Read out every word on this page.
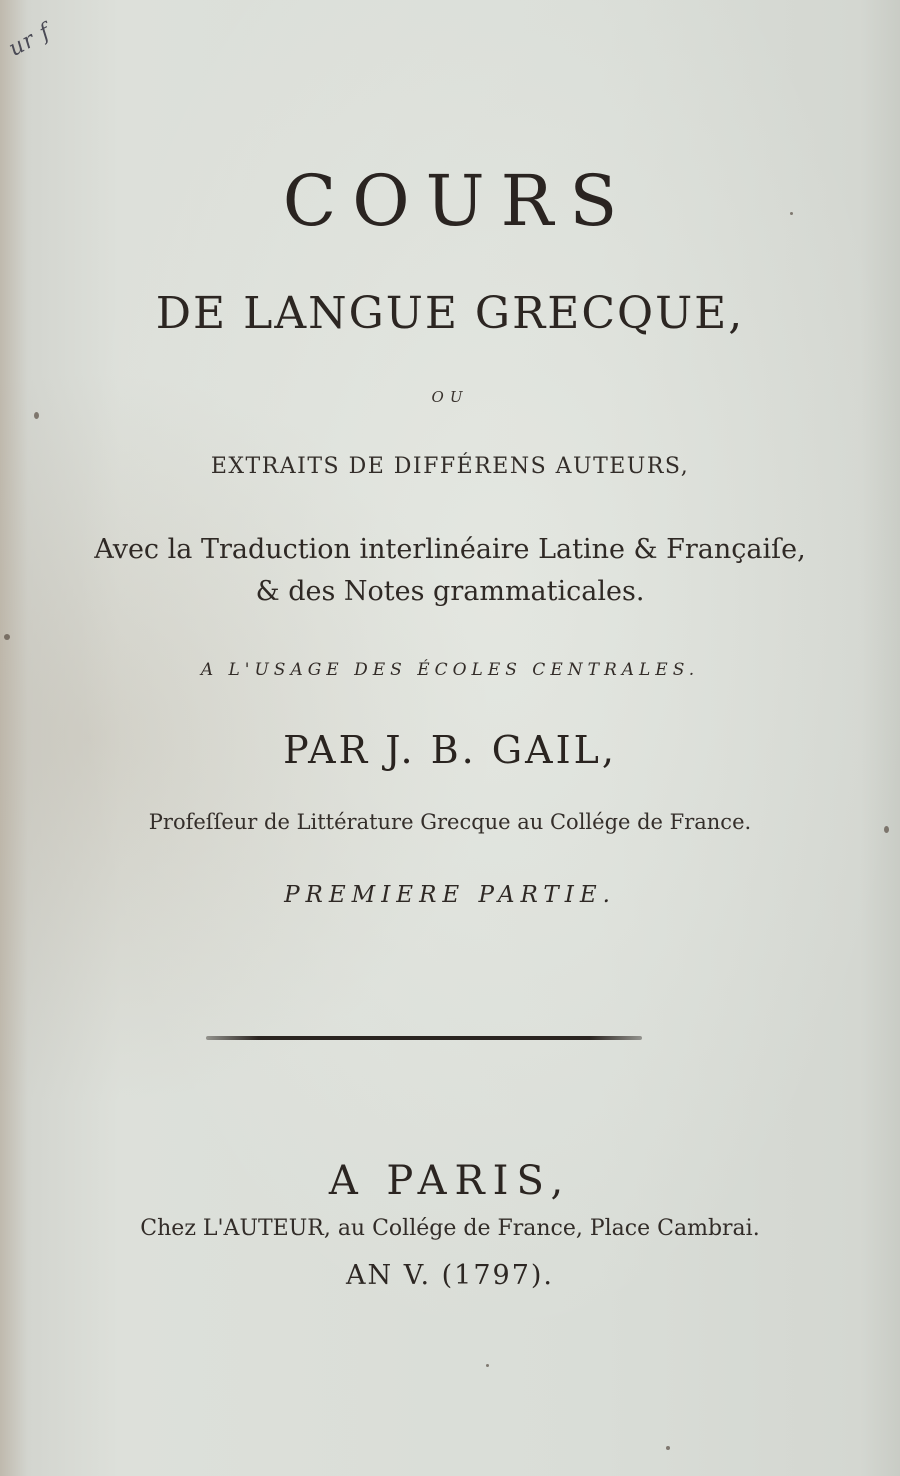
ur f
COURS
DE LANGUE GRECQUE,
OU
EXTRAITS DE DIFFÉRENS AUTEURS,
Avec la Traduction interlinéaire Latine & Françaiſe,
& des Notes grammaticales.
A L'USAGE DES ÉCOLES CENTRALES.
PAR J. B. GAIL,
Profeſſeur de Littérature Grecque au Collége de France.
PREMIERE PARTIE.
A PARIS,
Chez L'AUTEUR, au Collége de France, Place Cambrai.
AN V. (1797).
